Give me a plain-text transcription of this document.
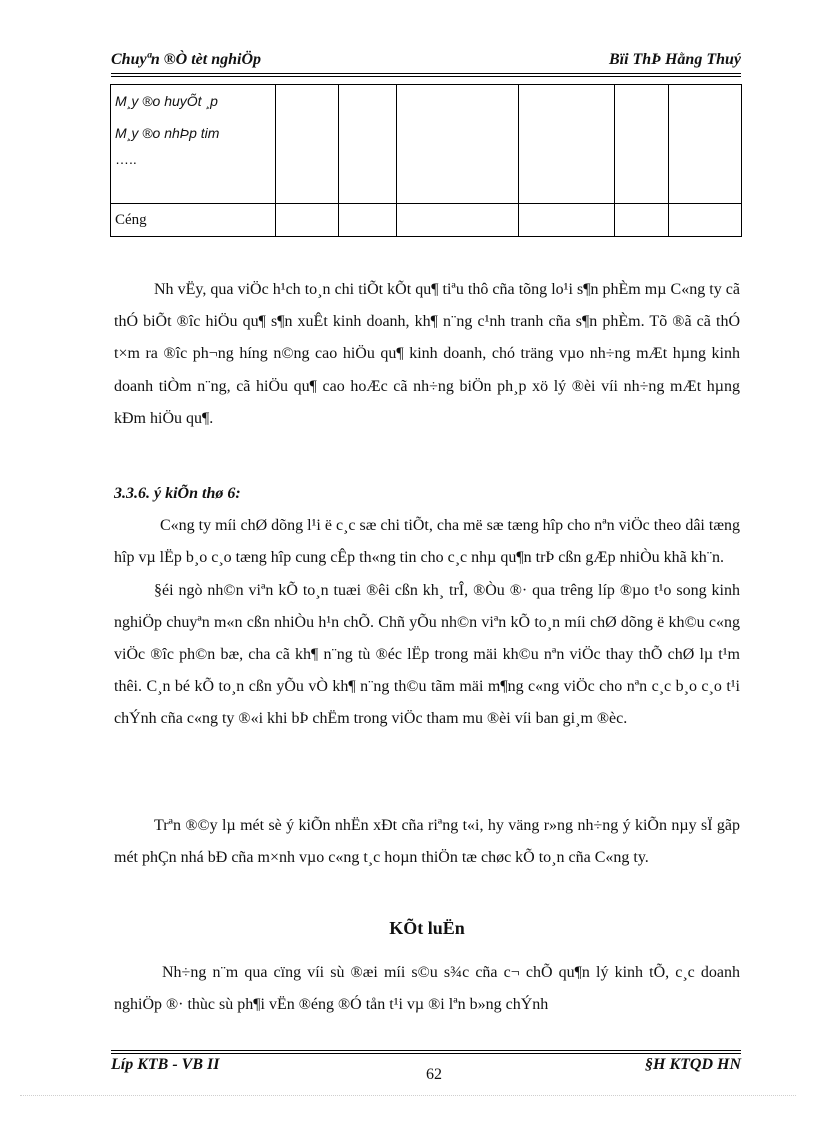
Chuyªn ®Ò tèt nghiÖp	Bïi ThÞ Hằng Thuý
M¸y ®o huyÕt ¸p
M¸y ®o nhÞp tim
…..						

Céng						

Nh vËy, qua viÖc h¹ch to¸n chi tiÕt kÕt qu¶ tiªu thô cña tõng lo¹i s¶n phÈm mµ C«ng ty cã thÓ biÕt ®îc hiÖu qu¶ s¶n xuÊt kinh doanh, kh¶ n¨ng c¹nh tranh cña s¶n phÈm. Tõ ®ã cã thÓ t×m ra ®îc ph¬ng híng n©ng cao hiÖu qu¶ kinh doanh, chó träng vµo nh÷ng mÆt hµng kinh doanh tiÒm n¨ng, cã hiÖu qu¶ cao hoÆc cã nh÷ng biÖn ph¸p xö lý ®èi víi nh÷ng mÆt hµng kÐm hiÖu qu¶.

3.3.6. ý kiÕn thø 6:

C«ng ty míi chØ dõng l¹i ë c¸c sæ chi tiÕt, cha më sæ tæng hîp cho nªn viÖc theo dâi tæng hîp vµ lËp b¸o c¸o tæng hîp cung cÊp th«ng tin cho c¸c nhµ qu¶n trÞ cßn gÆp nhiÒu khã kh¨n.

§éi ngò nh©n viªn kÕ to¸n tuæi ®êi cßn kh¸ trÎ, ®Òu ®· qua trêng líp ®µo t¹o song kinh nghiÖp chuyªn m«n cßn nhiÒu h¹n chÕ. Chñ yÕu nh©n viªn kÕ to¸n míi chØ dõng ë kh©u c«ng viÖc ®îc ph©n bæ, cha cã kh¶ n¨ng tù ®éc lËp trong mäi kh©u nªn viÖc thay thÕ chØ lµ t¹m thêi. C¸n bé kÕ to¸n cßn yÕu vÒ kh¶ n¨ng th©u tãm mäi m¶ng c«ng viÖc cho nªn c¸c b¸o c¸o t¹i chÝnh cña c«ng ty ®«i khi bÞ chËm trong viÖc tham mu ®èi víi ban gi¸m ®èc.

Trªn ®©y lµ mét sè ý kiÕn nhËn xÐt cña riªng t«i, hy väng r»ng nh÷ng ý kiÕn nµy sÏ gãp mét phÇn nhá bÐ cña m×nh vµo c«ng t¸c hoµn thiÖn tæ chøc kÕ to¸n cña C«ng ty.

KÕt luËn

Nh÷ng n¨m qua cïng víi sù ®æi míi s©u s¾c cña c¬ chÕ qu¶n lý kinh tÕ, c¸c doanh nghiÖp ®· thùc sù ph¶i vËn ®éng ®Ó tån t¹i vµ ®i lªn b»ng chÝnh

Líp KTB - VB II
62
§H KTQD HN
